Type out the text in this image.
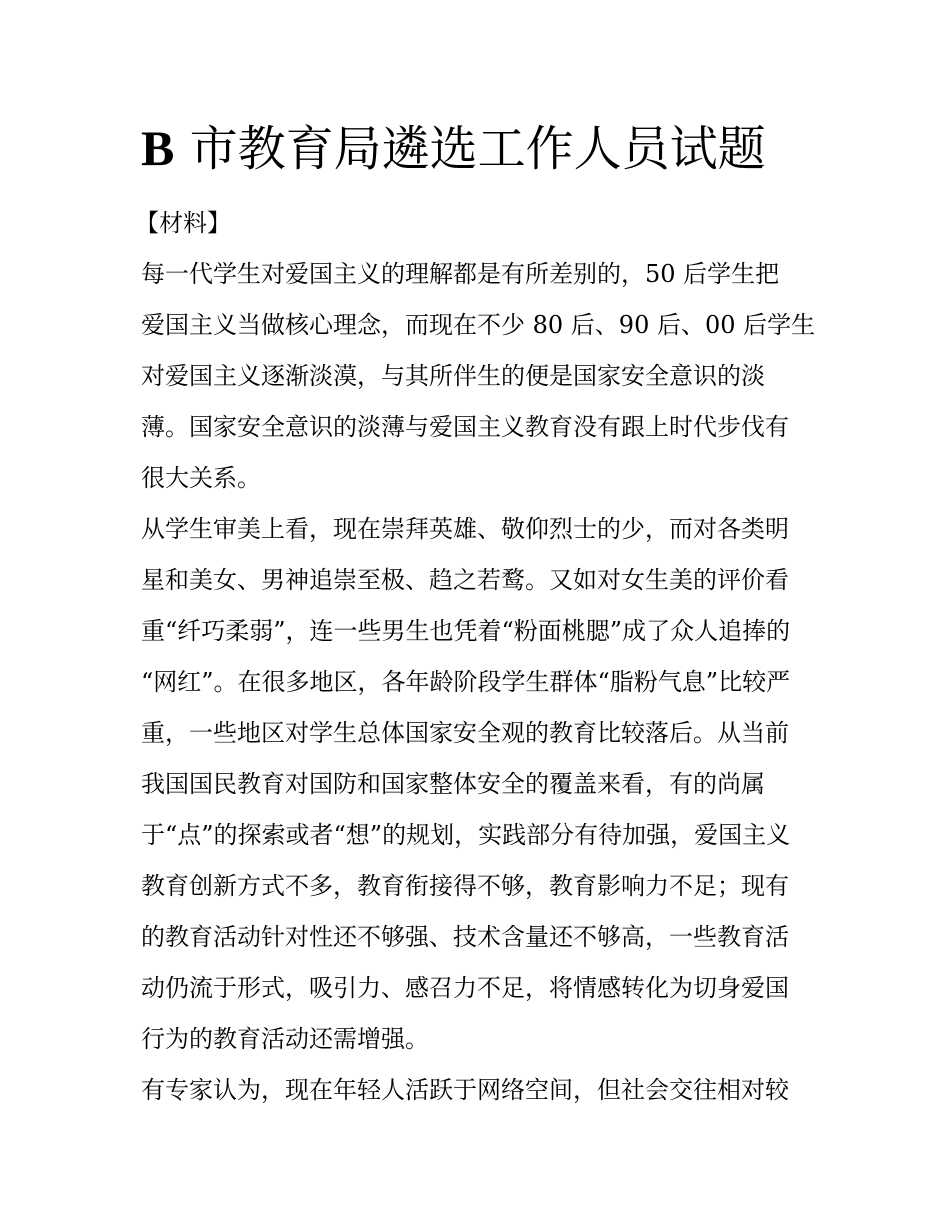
B 市教育局遴选工作人员试题
【材料】

每一代学生对爱国主义的理解都是有所差别的，50 后学生把
爱国主义当做核心理念，而现在不少 80 后、90 后、00 后学生
对爱国主义逐渐淡漠，与其所伴生的便是国家安全意识的淡
薄。国家安全意识的淡薄与爱国主义教育没有跟上时代步伐有
很大关系。

从学生审美上看，现在崇拜英雄、敬仰烈士的少，而对各类明
星和美女、男神追崇至极、趋之若鹜。又如对女生美的评价看
重“纤巧柔弱”，连一些男生也凭着“粉面桃腮”成了众人追捧的
“网红”。在很多地区，各年龄阶段学生群体“脂粉气息”比较严
重，一些地区对学生总体国家安全观的教育比较落后。从当前
我国国民教育对国防和国家整体安全的覆盖来看，有的尚属
于“点”的探索或者“想”的规划，实践部分有待加强，爱国主义
教育创新方式不多，教育衔接得不够，教育影响力不足；现有
的教育活动针对性还不够强、技术含量还不够高，一些教育活
动仍流于形式，吸引力、感召力不足，将情感转化为切身爱国
行为的教育活动还需增强。

有专家认为，现在年轻人活跃于网络空间，但社会交往相对较
